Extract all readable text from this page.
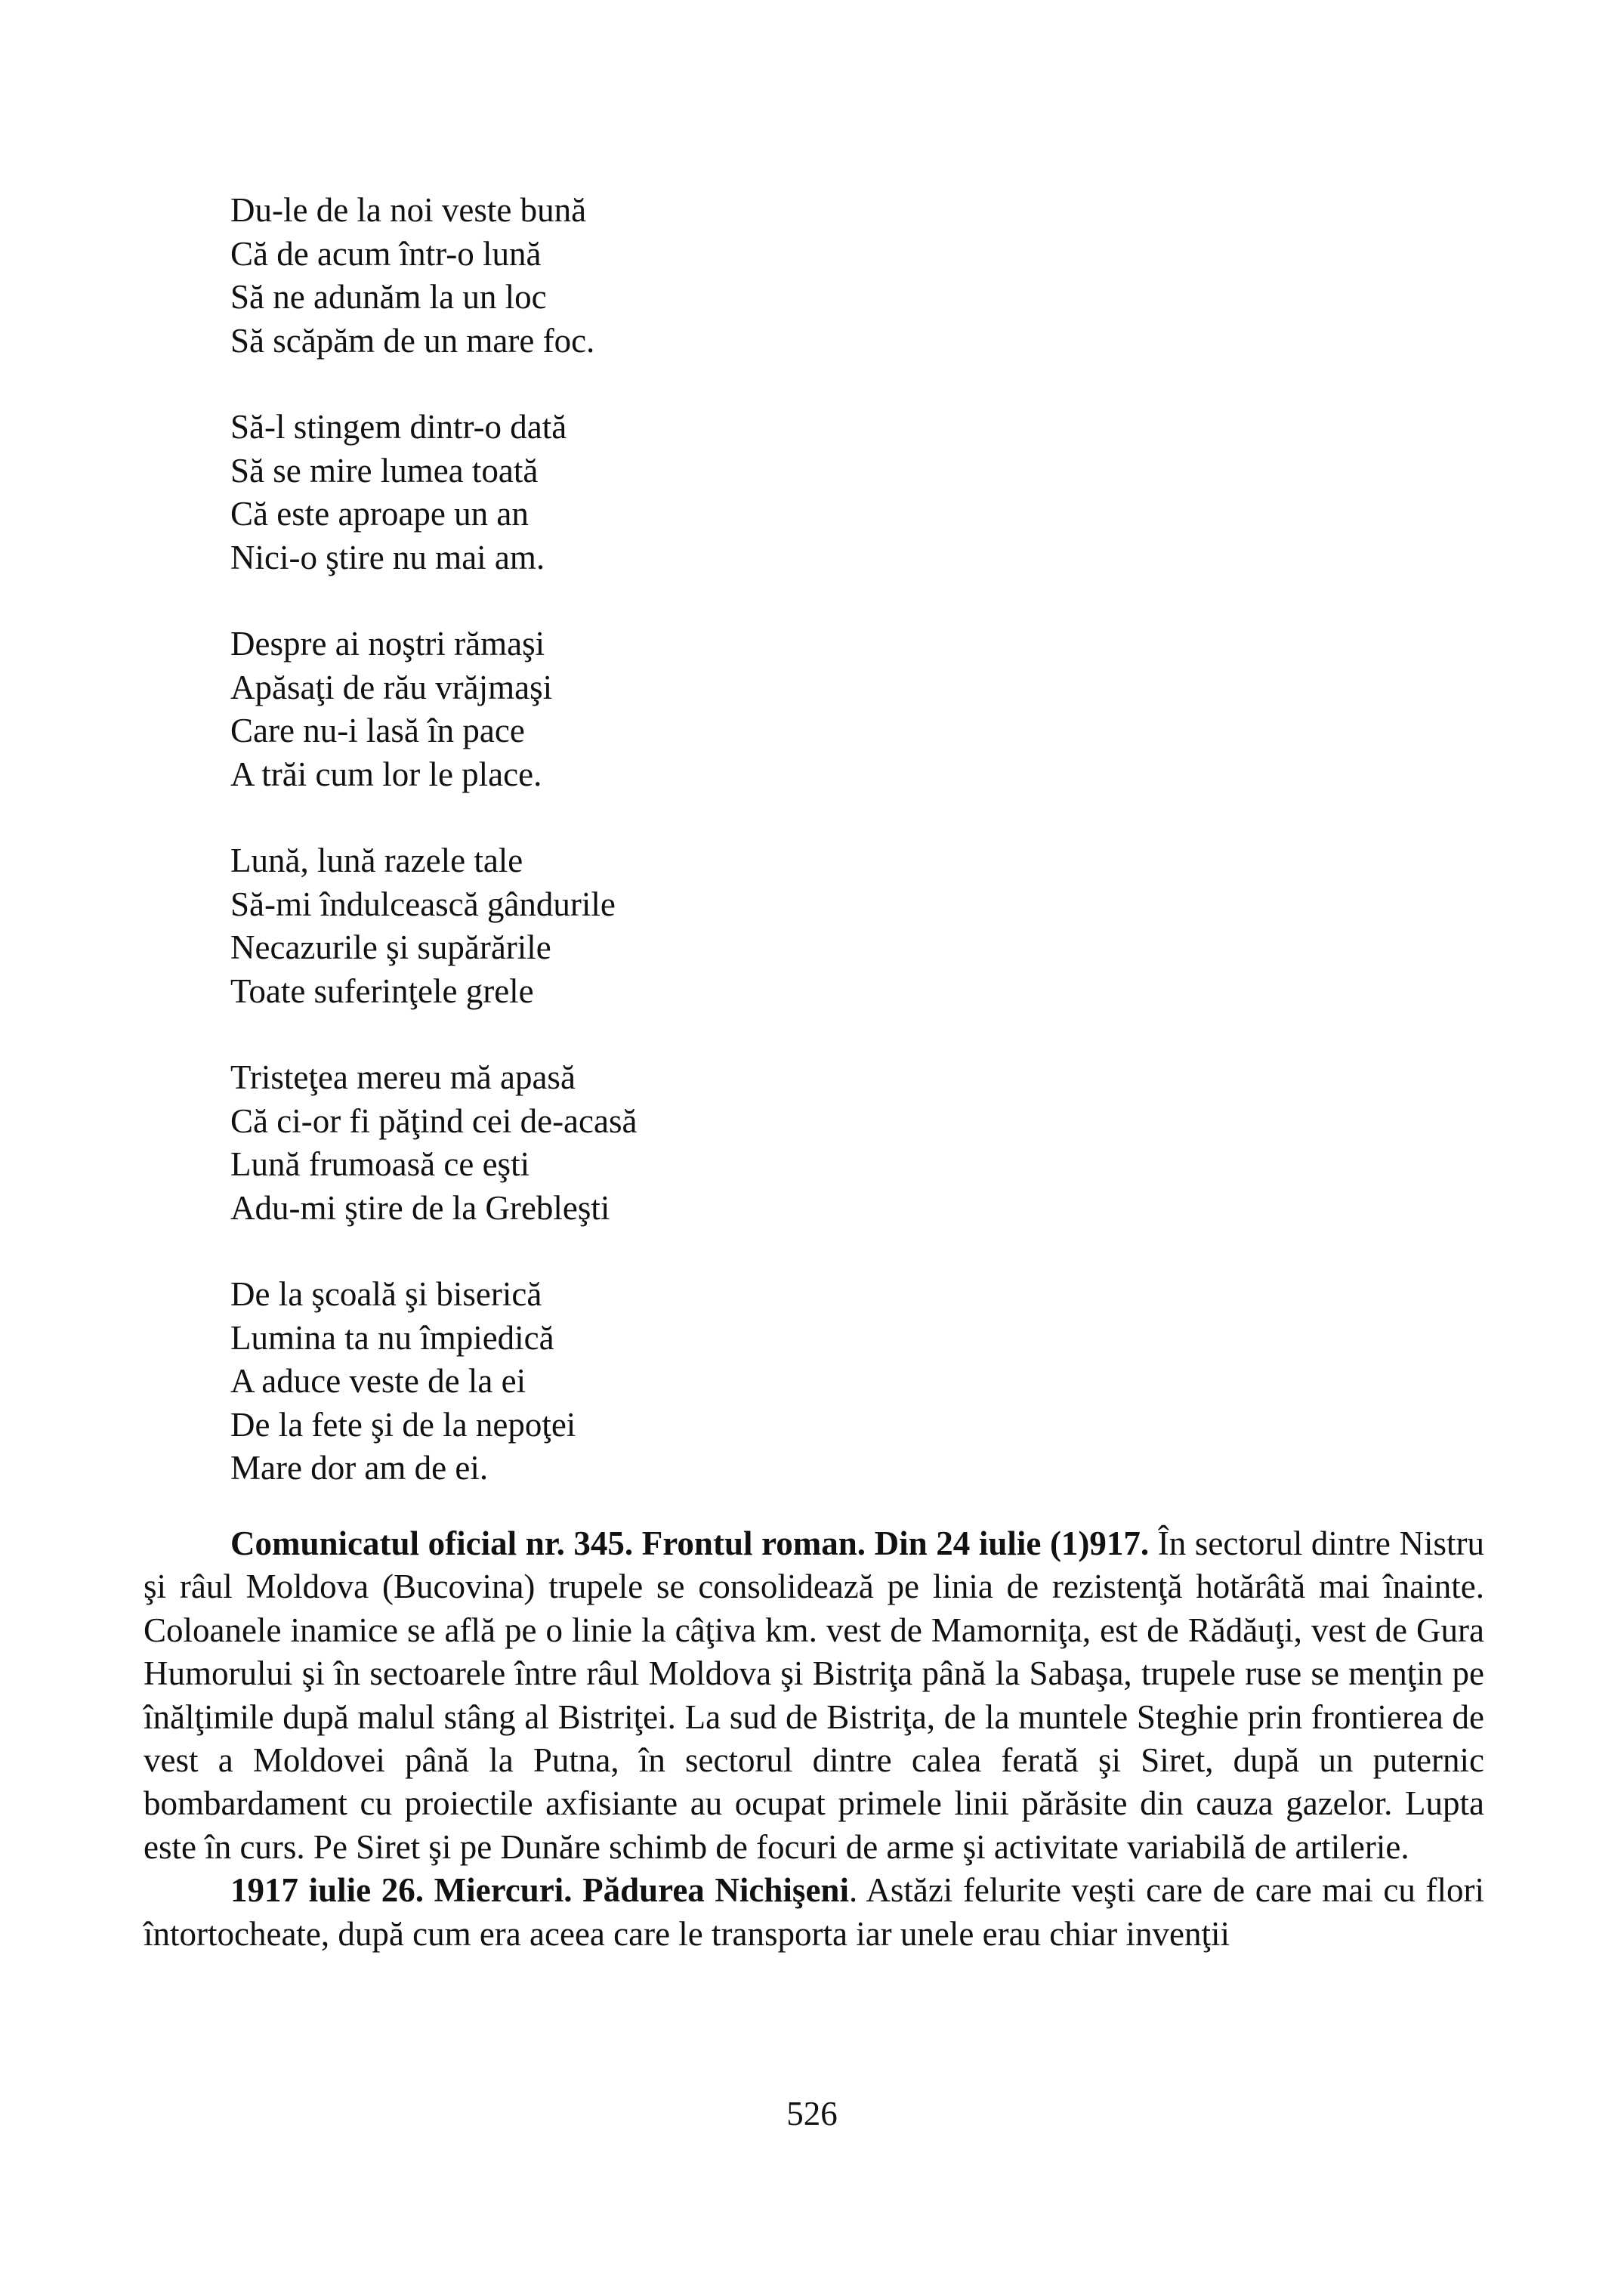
Du-le de la noi veste bună
Că de acum într-o lună
Să ne adunăm la un loc
Să scăpăm de un mare foc.
Să-l stingem dintr-o dată
Să se mire lumea toată
Că este aproape un an
Nici-o ştire nu mai am.
Despre ai noştri rămaşi
Apăsaţi de rău vrăjmaşi
Care nu-i lasă în pace
A trăi cum lor le place.
Lună, lună razele tale
Să-mi îndulcească gândurile
Necazurile şi supărările
Toate suferinţele grele
Tristeţea mereu mă apasă
Că ci-or fi păţind cei de-acasă
Lună frumoasă ce eşti
Adu-mi ştire de la Grebleşti
De la şcoală şi biserică
Lumina ta nu împiedică
A aduce veste de la ei
De la fete şi de la nepoţei
Mare dor am de ei.

Comunicatul oficial nr. 345. Frontul roman. Din 24 iulie (1)917. În sectorul dintre Nistru şi râul Moldova (Bucovina) trupele se consolidează pe linia de rezistenţă hotărâtă mai înainte. Coloanele inamice se află pe o linie la câţiva km. vest de Mamorniţa, est de Rădăuţi, vest de Gura Humorului şi în sectoarele între râul Moldova şi Bistriţa până la Sabaşa, trupele ruse se menţin pe înălţimile după malul stâng al Bistriţei. La sud de Bistriţa, de la muntele Steghie prin frontierea de vest a Moldovei până la Putna, în sectorul dintre calea ferată şi Siret, după un puternic bombardament cu proiectile axfisiante au ocupat primele linii părăsite din cauza gazelor. Lupta este în curs. Pe Siret şi pe Dunăre schimb de focuri de arme şi activitate variabilă de artilerie.

1917 iulie 26. Miercuri. Pădurea Nichişeni. Astăzi felurite veşti care de care mai cu flori întortocheate, după cum era aceea care le transporta iar unele erau chiar invenţii

526
